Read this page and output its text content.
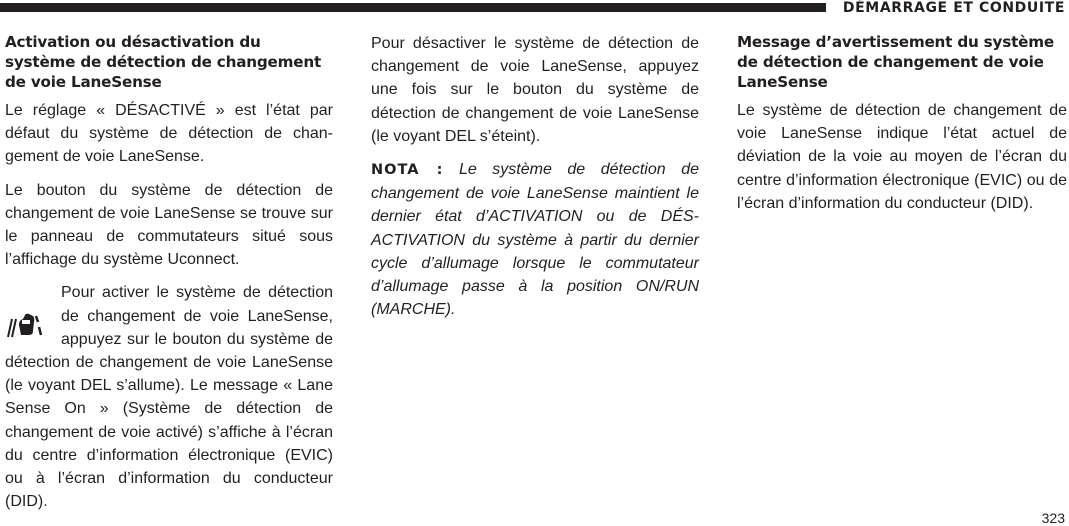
DÉMARRAGE ET CONDUITE
Activation ou désactivation du système de détection de changement de voie LaneSense

Le réglage « DÉSACTIVÉ » est l’état par défaut du système de détection de changement de voie LaneSense.

Le bouton du système de détection de changement de voie LaneSense se trouve sur le panneau de commutateurs situé sous l’affichage du système Uconnect.

Pour activer le système de détection de changement de voie LaneSense, appuyez sur le bouton du système de détection de changement de voie LaneSense (le voyant DEL s’allume). Le message « Lane Sense On » (Système de détection de changement de voie activé) s’affiche à l’écran du centre d’information électronique (EVIC) ou à l’écran d’information du conducteur (DID).

Pour désactiver le système de détection de changement de voie LaneSense, appuyez une fois sur le bouton du système de détection de changement de voie LaneSense (le voyant DEL s’éteint).

NOTA : Le système de détection de changement de voie LaneSense maintient le dernier état d’ACTIVATION ou de DÉSACTIVATION du système à partir du dernier cycle d’allumage lorsque le commutateur d’allumage passe à la position ON/RUN (MARCHE).

Message d’avertissement du système de détection de changement de voie LaneSense

Le système de détection de changement de voie LaneSense indique l’état actuel de déviation de la voie au moyen de l’écran du centre d’information électronique (EVIC) ou de l’écran d’information du conducteur (DID).

323
